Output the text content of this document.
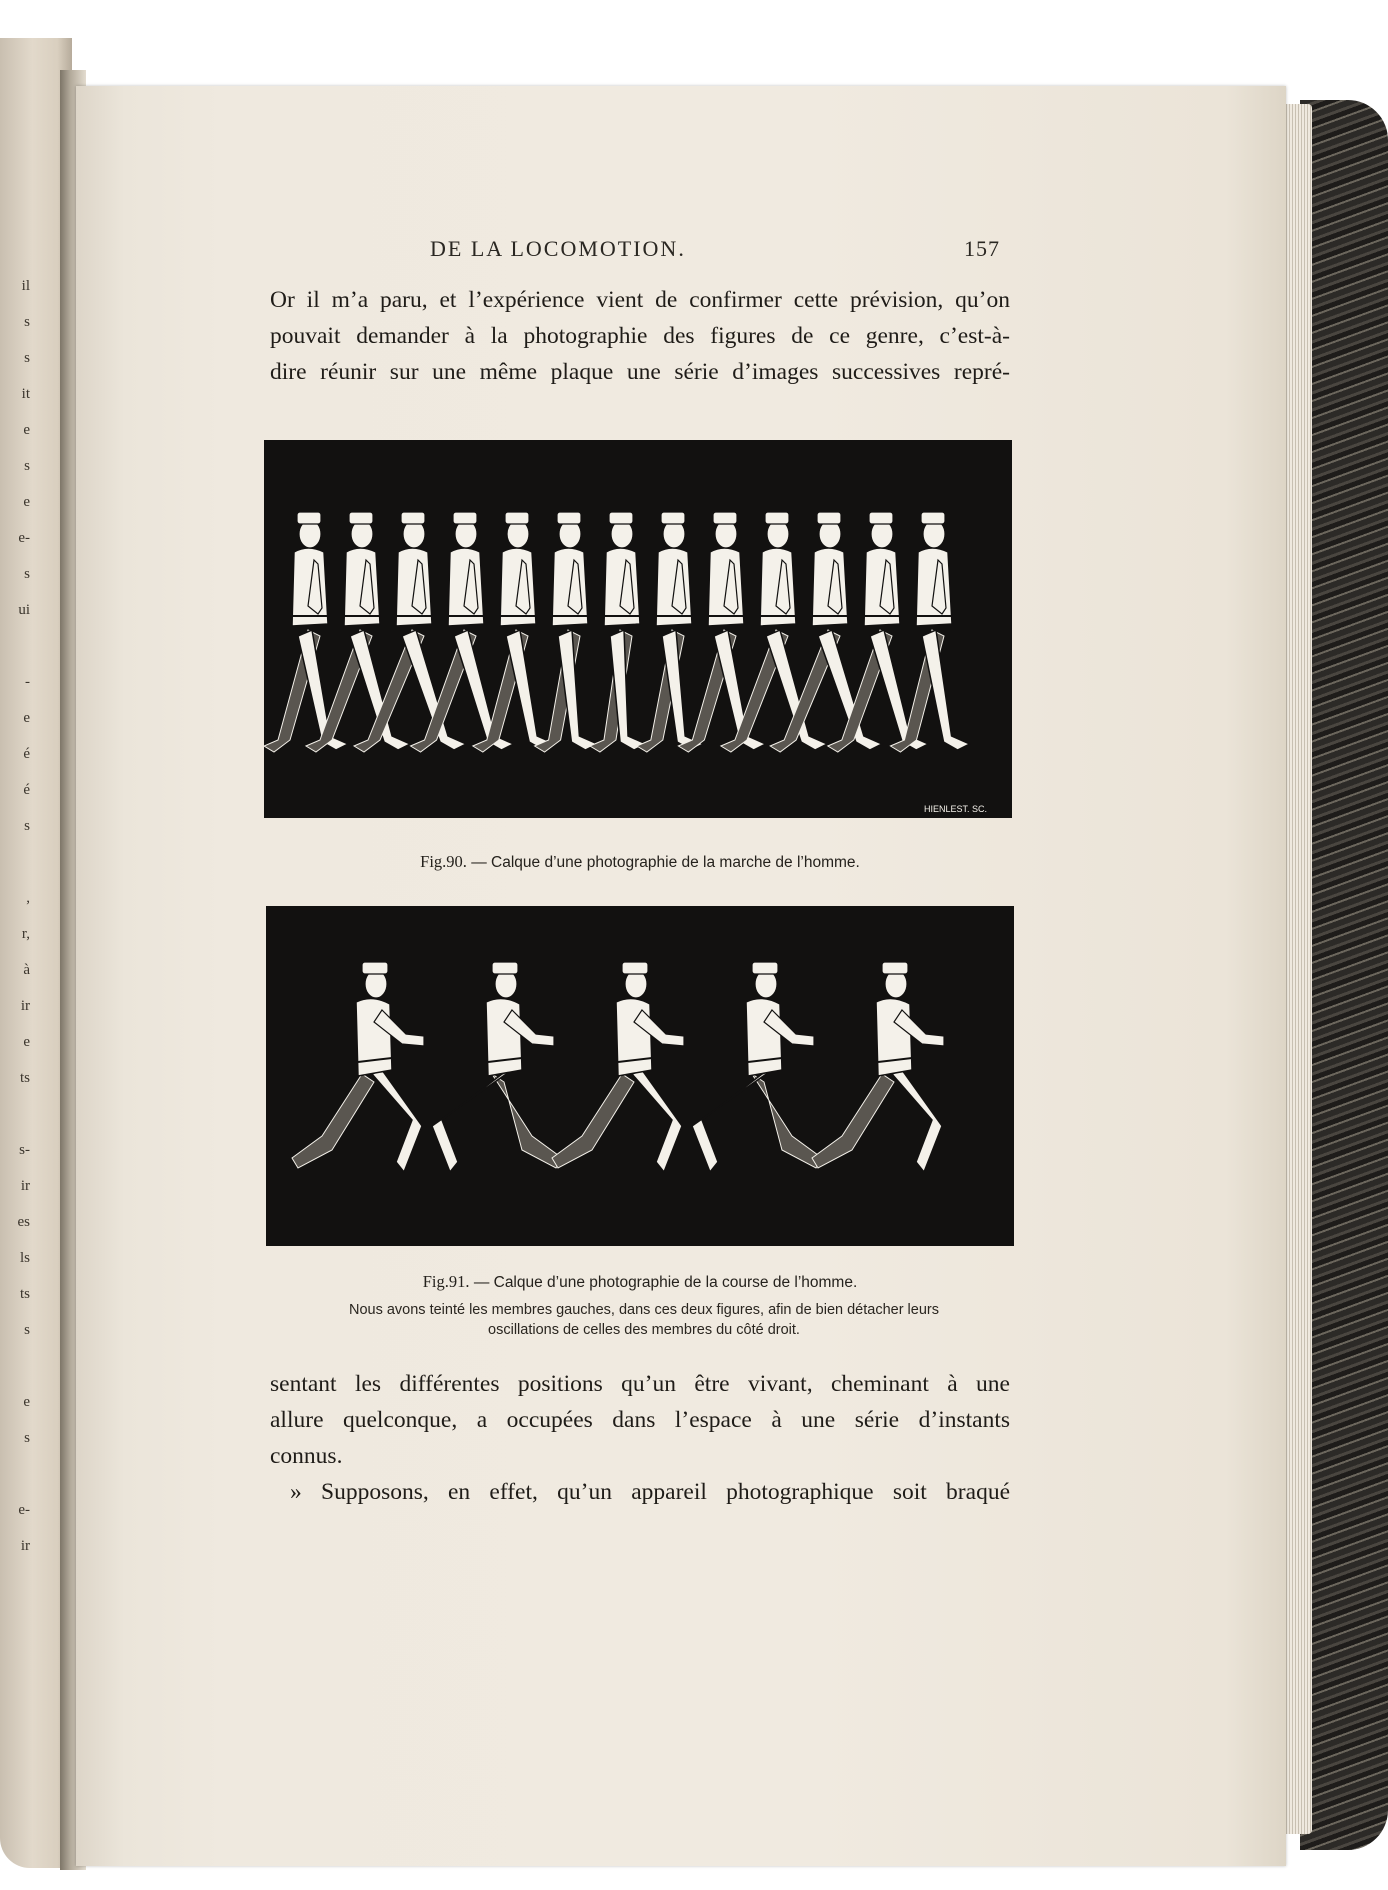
il
s
s
it
e
s
e
e-
s
ui

-
e
é
é
s

,
r,
à
ir
e
ts

s-
ir
es
ls
ts
s

e
s

e-
ir
DE LA LOCOMOTION.	157
Or il m’a paru, et l’expérience vient de confirmer cette prévision, qu’on
pouvait demander à la photographie des figures de ce genre, c’est-à-
dire réunir sur une même plaque une série d’images successives repré-
HIENLEST. SC.
Fig.90. — Calque d’une photographie de la marche de l’homme.
Fig.91. — Calque d’une photographie de la course de l’homme.
Nous avons teinté les membres gauches, dans ces deux figures, afin de bien détacher leurs
oscillations de celles des membres du côté droit.
sentant les différentes positions qu’un être vivant, cheminant à une
allure quelconque, a occupées dans l’espace à une série d’instants
connus.
» Supposons, en effet, qu’un appareil photographique soit braqué
